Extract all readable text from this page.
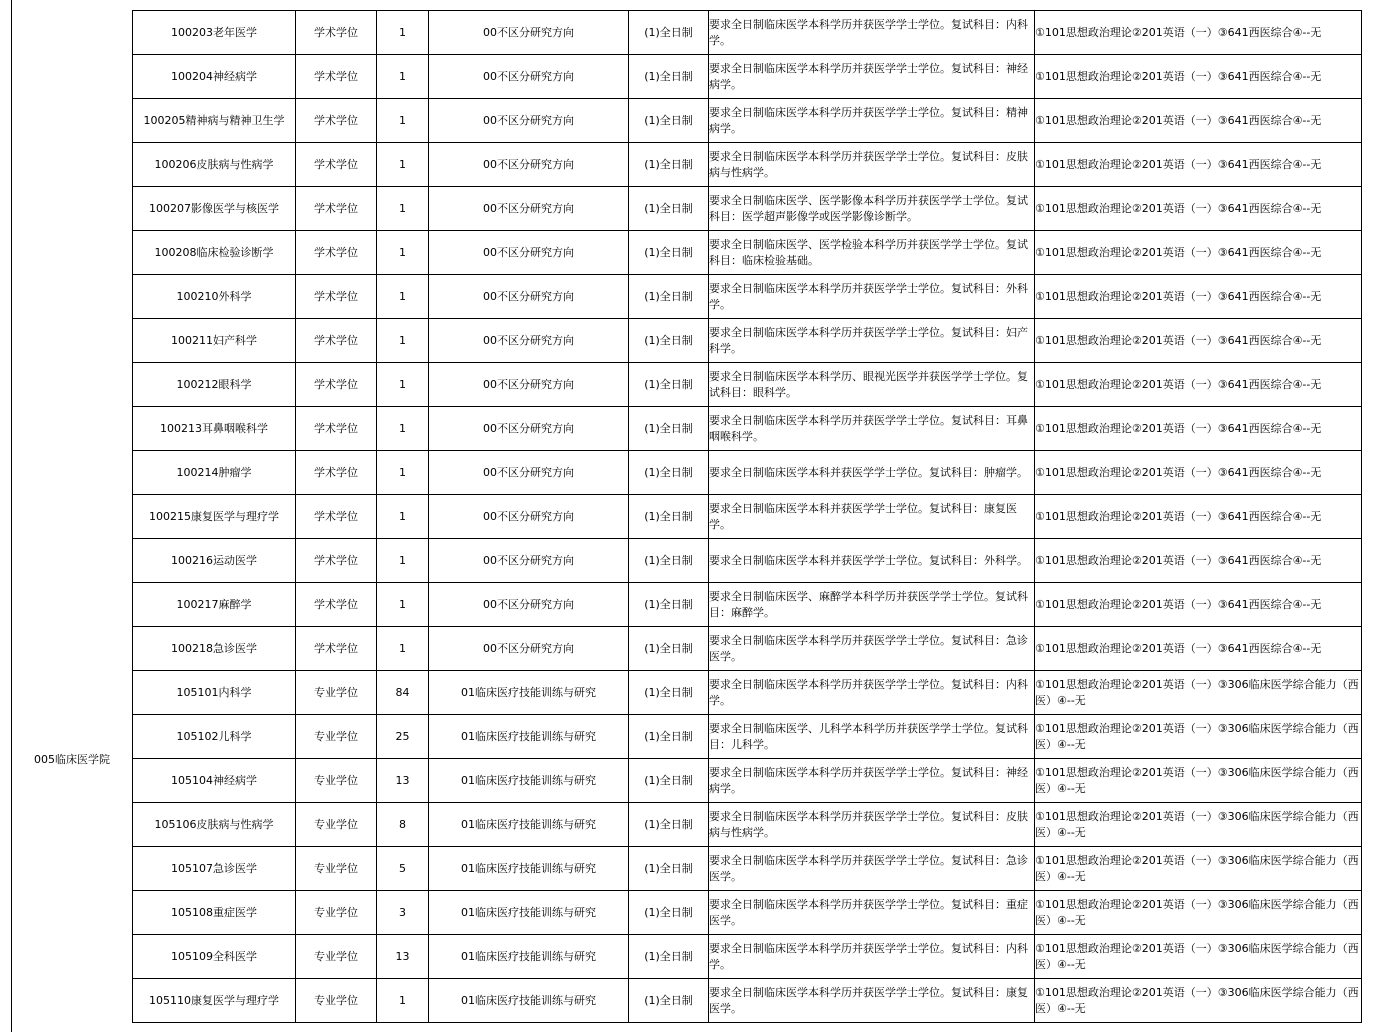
005临床医学院
100203老年医学	学术学位	1	00不区分研究方向	(1)全日制	要求全日制临床医学本科学历并获医学学士学位。复试科目：内科学。	①101思想政治理论②201英语（一）③641西医综合④--无
100204神经病学	学术学位	1	00不区分研究方向	(1)全日制	要求全日制临床医学本科学历并获医学学士学位。复试科目：神经病学。	①101思想政治理论②201英语（一）③641西医综合④--无
100205精神病与精神卫生学	学术学位	1	00不区分研究方向	(1)全日制	要求全日制临床医学本科学历并获医学学士学位。复试科目：精神病学。	①101思想政治理论②201英语（一）③641西医综合④--无
100206皮肤病与性病学	学术学位	1	00不区分研究方向	(1)全日制	要求全日制临床医学本科学历并获医学学士学位。复试科目：皮肤病与性病学。	①101思想政治理论②201英语（一）③641西医综合④--无
100207影像医学与核医学	学术学位	1	00不区分研究方向	(1)全日制	要求全日制临床医学、医学影像本科学历并获医学学士学位。复试科目：医学超声影像学或医学影像诊断学。	①101思想政治理论②201英语（一）③641西医综合④--无
100208临床检验诊断学	学术学位	1	00不区分研究方向	(1)全日制	要求全日制临床医学、医学检验本科学历并获医学学士学位。复试科目：临床检验基础。	①101思想政治理论②201英语（一）③641西医综合④--无
100210外科学	学术学位	1	00不区分研究方向	(1)全日制	要求全日制临床医学本科学历并获医学学士学位。复试科目：外科学。	①101思想政治理论②201英语（一）③641西医综合④--无
100211妇产科学	学术学位	1	00不区分研究方向	(1)全日制	要求全日制临床医学本科学历并获医学学士学位。复试科目：妇产科学。	①101思想政治理论②201英语（一）③641西医综合④--无
100212眼科学	学术学位	1	00不区分研究方向	(1)全日制	要求全日制临床医学本科学历、眼视光医学并获医学学士学位。复试科目：眼科学。	①101思想政治理论②201英语（一）③641西医综合④--无
100213耳鼻咽喉科学	学术学位	1	00不区分研究方向	(1)全日制	要求全日制临床医学本科学历并获医学学士学位。复试科目：耳鼻咽喉科学。	①101思想政治理论②201英语（一）③641西医综合④--无
100214肿瘤学	学术学位	1	00不区分研究方向	(1)全日制	要求全日制临床医学本科并获医学学士学位。复试科目：肿瘤学。	①101思想政治理论②201英语（一）③641西医综合④--无
100215康复医学与理疗学	学术学位	1	00不区分研究方向	(1)全日制	要求全日制临床医学本科并获医学学士学位。复试科目：康复医学。	①101思想政治理论②201英语（一）③641西医综合④--无
100216运动医学	学术学位	1	00不区分研究方向	(1)全日制	要求全日制临床医学本科并获医学学士学位。复试科目：外科学。	①101思想政治理论②201英语（一）③641西医综合④--无
100217麻醉学	学术学位	1	00不区分研究方向	(1)全日制	要求全日制临床医学、麻醉学本科学历并获医学学士学位。复试科目：麻醉学。	①101思想政治理论②201英语（一）③641西医综合④--无
100218急诊医学	学术学位	1	00不区分研究方向	(1)全日制	要求全日制临床医学本科学历并获医学学士学位。复试科目：急诊医学。	①101思想政治理论②201英语（一）③641西医综合④--无
105101内科学	专业学位	84	01临床医疗技能训练与研究	(1)全日制	要求全日制临床医学本科学历并获医学学士学位。复试科目：内科学。	①101思想政治理论②201英语（一）③306临床医学综合能力（西医）④--无
105102儿科学	专业学位	25	01临床医疗技能训练与研究	(1)全日制	要求全日制临床医学、儿科学本科学历并获医学学士学位。复试科目：儿科学。	①101思想政治理论②201英语（一）③306临床医学综合能力（西医）④--无
105104神经病学	专业学位	13	01临床医疗技能训练与研究	(1)全日制	要求全日制临床医学本科学历并获医学学士学位。复试科目：神经病学。	①101思想政治理论②201英语（一）③306临床医学综合能力（西医）④--无
105106皮肤病与性病学	专业学位	8	01临床医疗技能训练与研究	(1)全日制	要求全日制临床医学本科学历并获医学学士学位。复试科目：皮肤病与性病学。	①101思想政治理论②201英语（一）③306临床医学综合能力（西医）④--无
105107急诊医学	专业学位	5	01临床医疗技能训练与研究	(1)全日制	要求全日制临床医学本科学历并获医学学士学位。复试科目：急诊医学。	①101思想政治理论②201英语（一）③306临床医学综合能力（西医）④--无
105108重症医学	专业学位	3	01临床医疗技能训练与研究	(1)全日制	要求全日制临床医学本科学历并获医学学士学位。复试科目：重症医学。	①101思想政治理论②201英语（一）③306临床医学综合能力（西医）④--无
105109全科医学	专业学位	13	01临床医疗技能训练与研究	(1)全日制	要求全日制临床医学本科学历并获医学学士学位。复试科目：内科学。	①101思想政治理论②201英语（一）③306临床医学综合能力（西医）④--无
105110康复医学与理疗学	专业学位	1	01临床医疗技能训练与研究	(1)全日制	要求全日制临床医学本科学历并获医学学士学位。复试科目：康复医学。	①101思想政治理论②201英语（一）③306临床医学综合能力（西医）④--无
